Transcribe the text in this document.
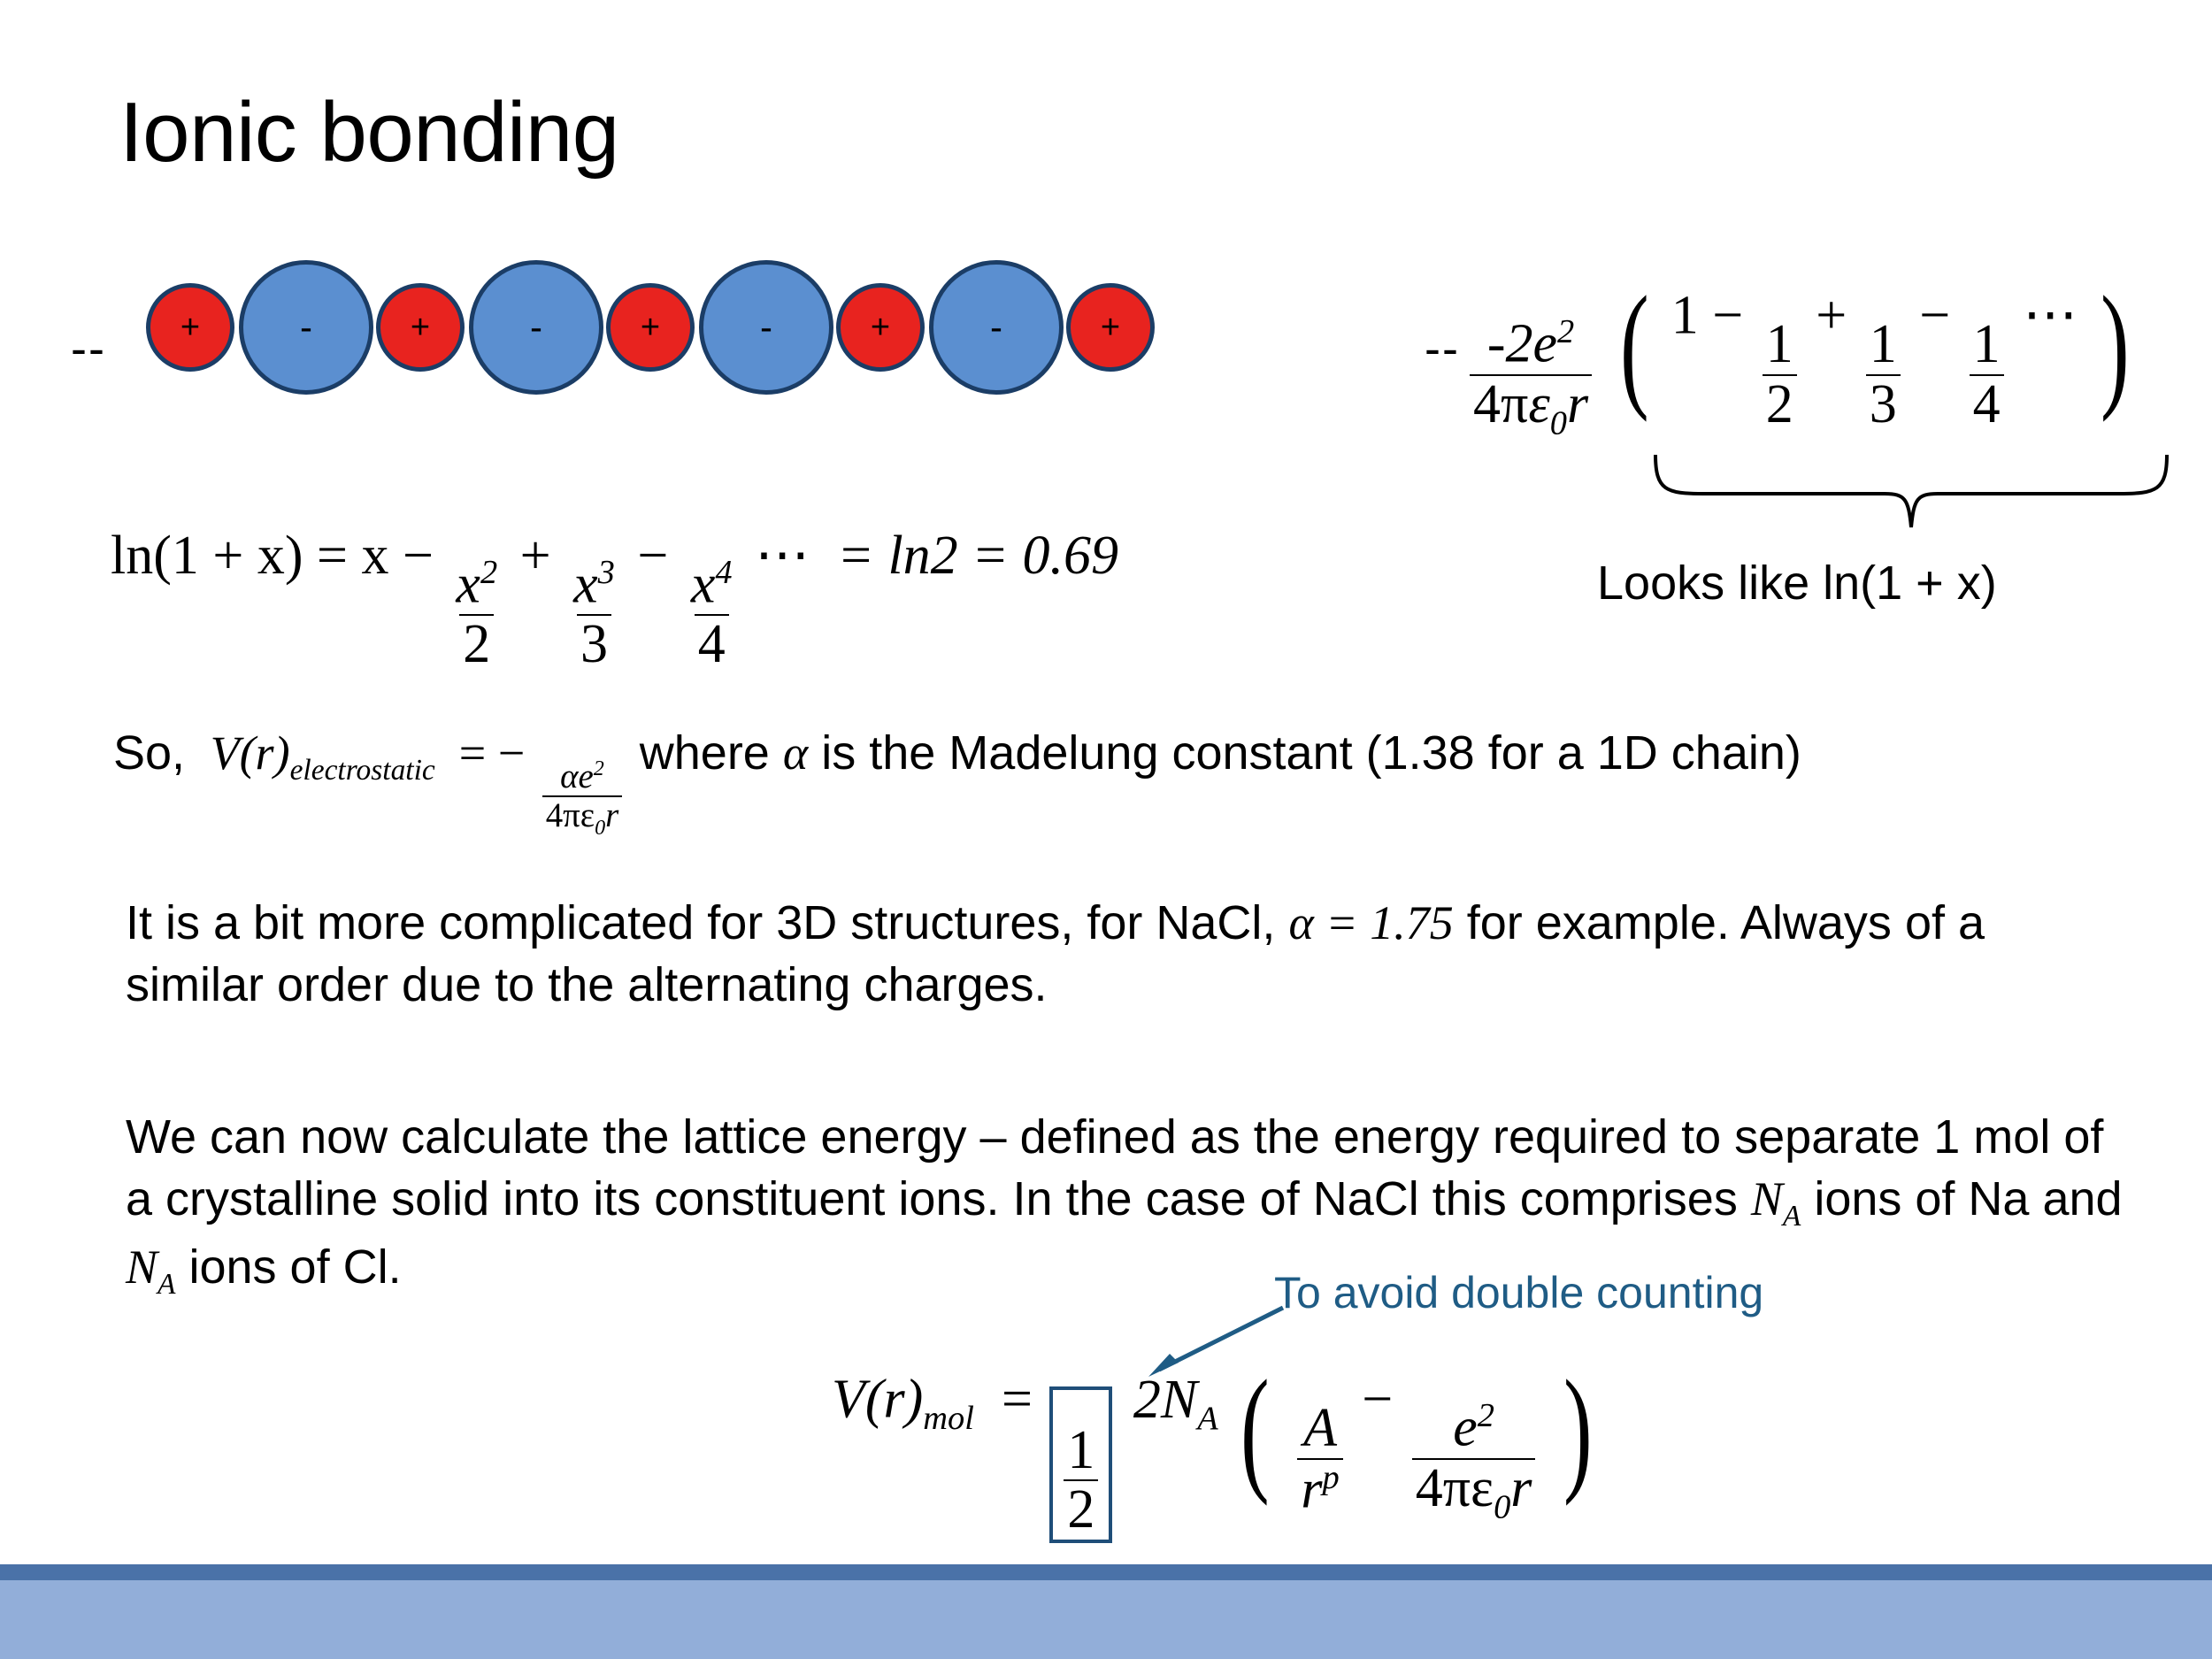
Ionic bonding
--	--
+	-	+	-	+	-	+	-	+	$\frac{-2e^2}{4\pi\varepsilon_0r}$ ( 1 −
$\frac{1}{2}$
+
$\frac{1}{3}$
−
$\frac{1}{4}$
⋯ )
Looks like ln(1 + x)
$\ln(1 + x) = x - \frac{x^2}{2} + \frac{x^3}{3} - \frac{x^4}{4}$ ⋯ = ln2 = 0.69
So, $V(r)_{electrostatic}$ = −
$\frac{\alpha e^2}{4\pi\varepsilon_0r}$
where α is the Madelung constant (1.38 for a 1D chain)
It is a bit more complicated for 3D structures, for NaCl, α = 1.75 for example. Always of a similar order due to the alternating charges.
We can now calculate the lattice energy – defined as the energy required to separate 1 mol of a crystalline solid into its constituent ions. In the case of NaCl this comprises $N_A$ ions of Na and $N_A$ ions of Cl.	To avoid double counting
$V(r)_{mol}$ =
$\frac{1}{2}$
$2N_A$ ( $\frac{A}{r^p}$
− $\frac{e^2}{4\pi\varepsilon_0r}$ )
